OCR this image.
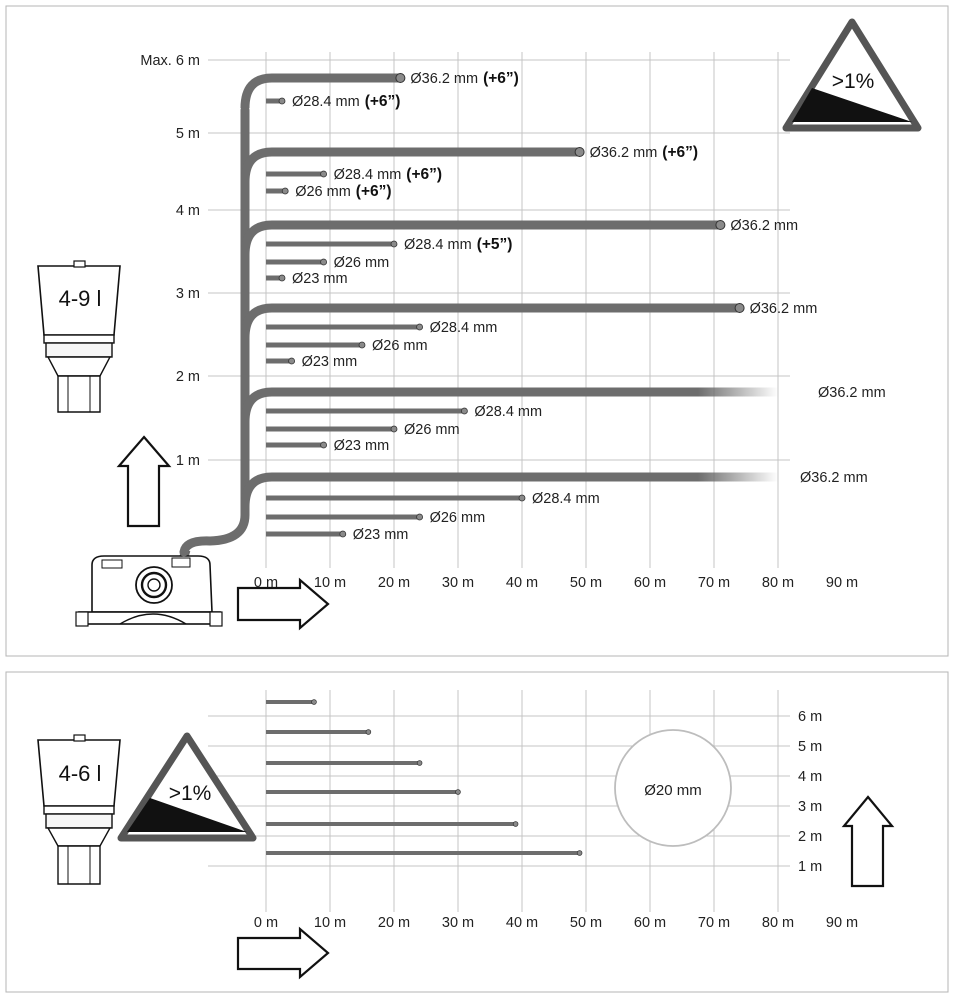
Max. 6 m
5 m
4 m
3 m
2 m
1 m
0 m 10 m 20 m 30 m 40 m 50 m 60 m 70 m 80 m 90 m
6 m
5 m
4 m
3 m
2 m
1 m
0 m 10 m 20 m 30 m 40 m 50 m 60 m 70 m 80 m 90 m
4-9 l
>1%
4-6 l
>1%	Ø20 mm
Ø36.2 mm (+6”)
Ø28.4 mm (+6”)
Ø36.2 mm (+6”)
Ø28.4 mm (+6”)
Ø26 mm (+6”)
Ø36.2 mm
Ø28.4 mm (+5”)
Ø26 mm
Ø23 mm
Ø36.2 mm
Ø28.4 mm
Ø26 mm
Ø23 mm
Ø36.2 mm
Ø28.4 mm
Ø26 mm
Ø23 mm
Ø36.2 mm
Ø28.4 mm
Ø26 mm
Ø23 mm
